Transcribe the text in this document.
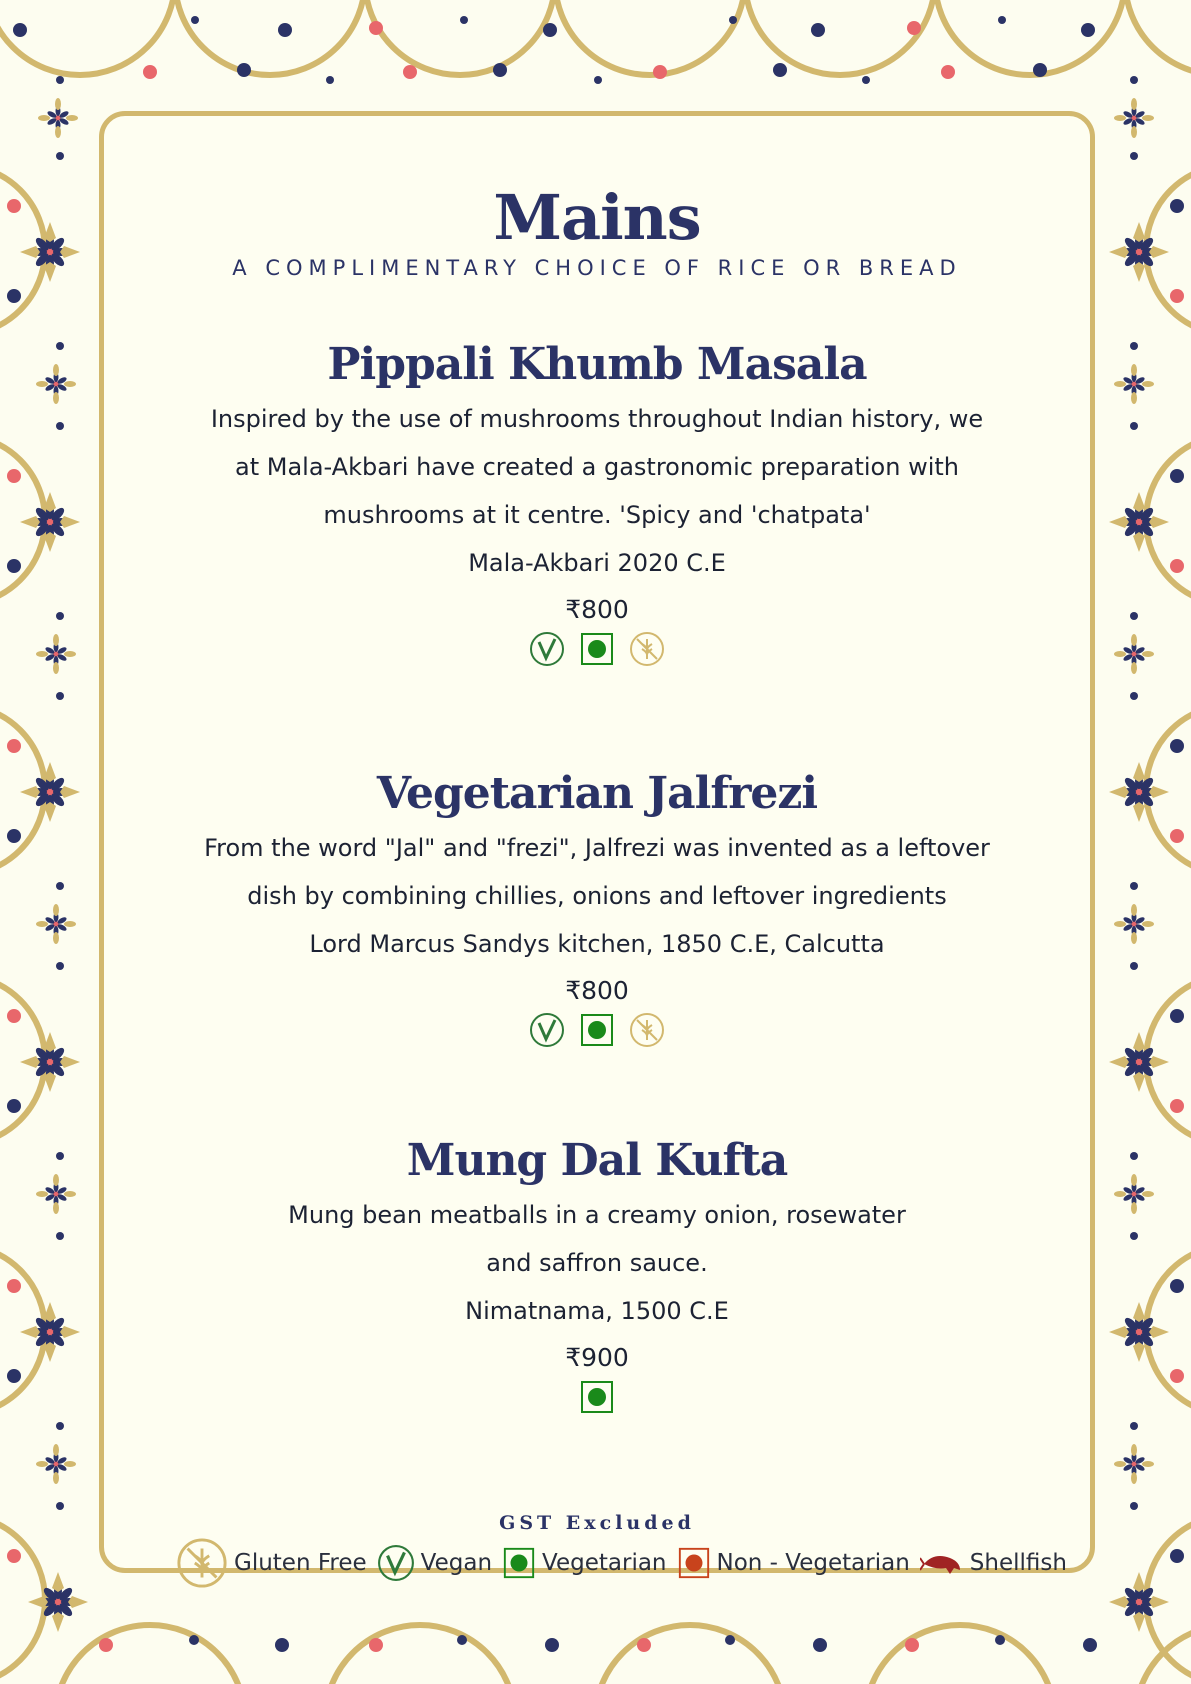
Mains
A COMPLIMENTARY CHOICE OF RICE OR BREAD
Pippali Khumb Masala
Inspired by the use of mushrooms throughout Indian history, we
at Mala-Akbari have created a gastronomic preparation with
mushrooms at it centre. 'Spicy and 'chatpata'
Mala-Akbari 2020 C.E
₹800
Vegetarian Jalfrezi
From the word "Jal" and "frezi", Jalfrezi was invented as a leftover
dish by combining chillies, onions and leftover ingredients
Lord Marcus Sandys kitchen, 1850 C.E, Calcutta
₹800
Mung Dal Kufta
Mung bean meatballs in a creamy onion, rosewater
and saffron sauce.
Nimatnama, 1500 C.E
₹900
GST Excluded
Gluten Free Vegan Vegetarian Non - Vegetarian	Shellfish
